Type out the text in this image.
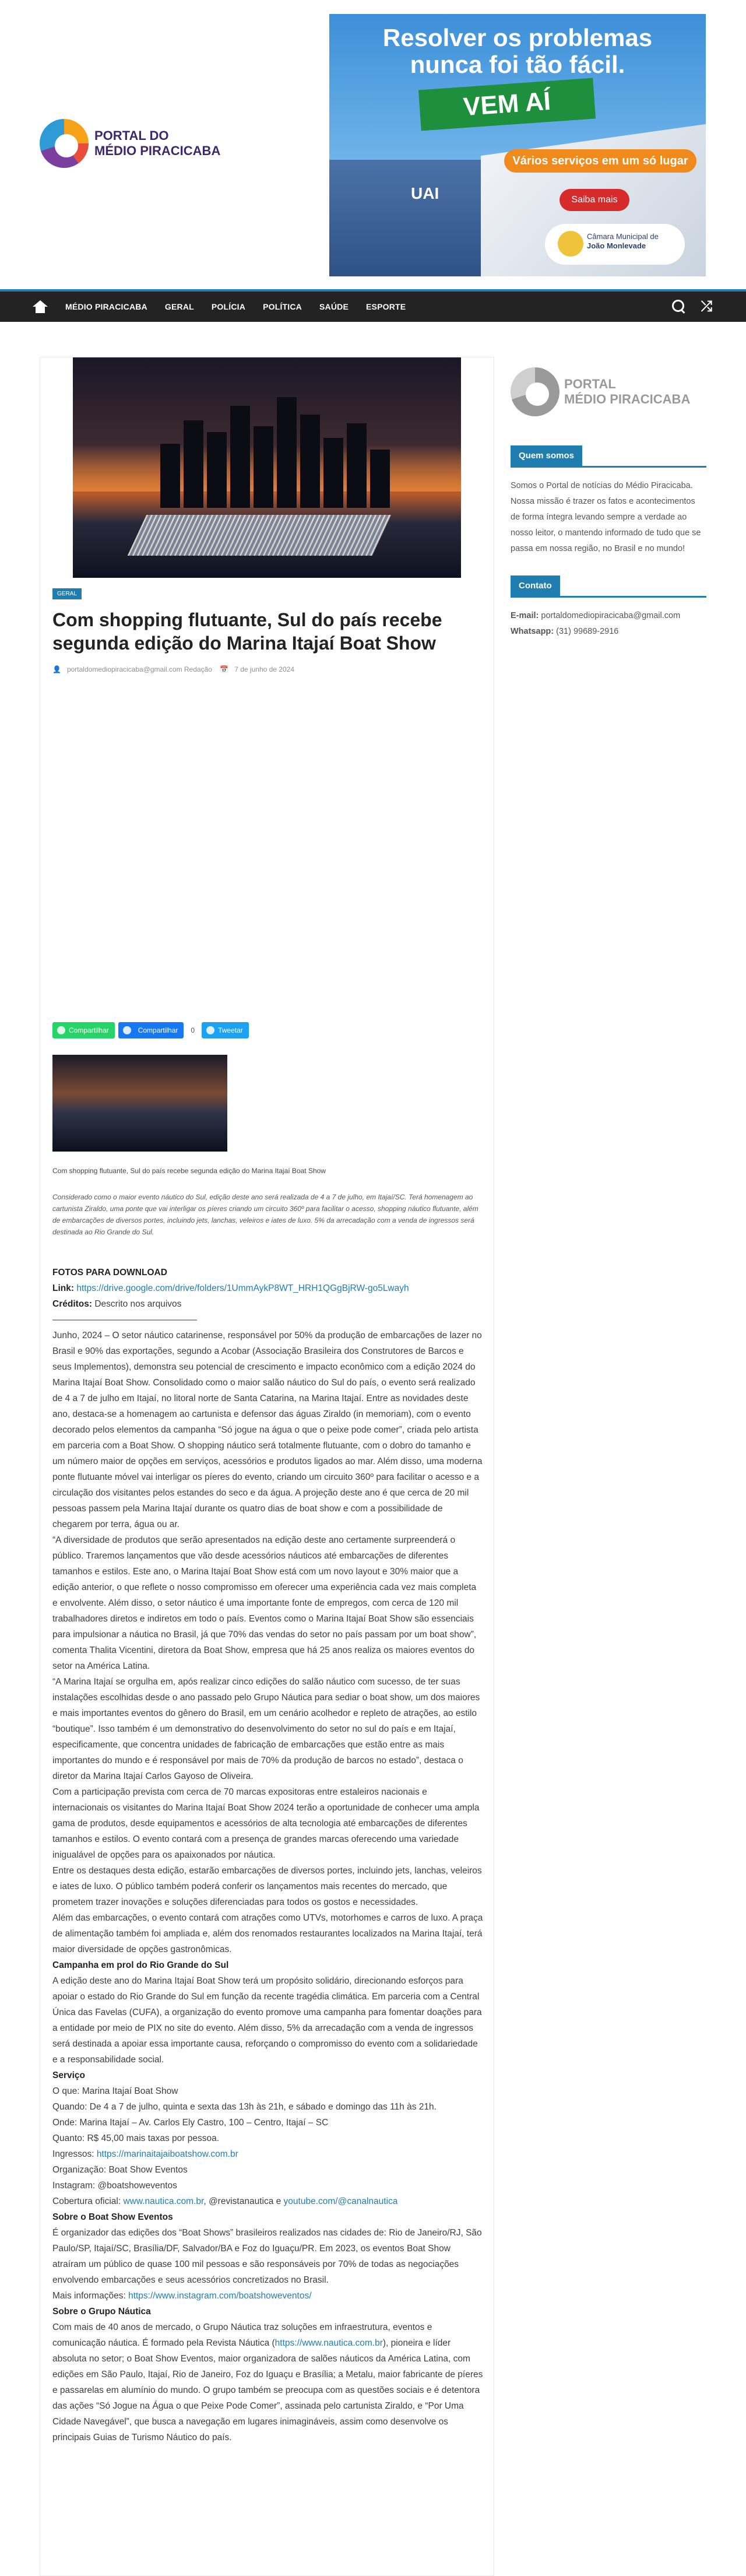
PORTAL DO
MÉDIO PIRACICABA
Resolver os problemas nunca foi tão fácil.
VEM AÍ
UAI
Vários serviços em um só lugar
Saiba mais
Câmara Municipal de
João Monlevade
MÉDIO PIRACICABA GERAL POLÍCIA POLÍTICA SAÚDE ESPORTE	⤮
GERAL
Com shopping flutuante, Sul do país recebe segunda edição do Marina Itajaí Boat Show
👤 portaldomediopiracicaba@gmail.com Redação 📅 7 de junho de 2024
Compartilhar	Compartilhar	0	Tweetar
Com shopping flutuante, Sul do país recebe segunda edição do Marina Itajaí Boat Show

Considerado como o maior evento náutico do Sul, edição deste ano será realizada de 4 a 7 de julho, em Itajaí/SC. Terá homenagem ao cartunista Ziraldo, uma ponte que vai interligar os píeres criando um circuito 360º para facilitar o acesso, shopping náutico flutuante, além de embarcações de diversos portes, incluindo jets, lanchas, veleiros e iates de luxo. 5% da arrecadação com a venda de ingressos será destinada ao Rio Grande do Sul.

FOTOS PARA DOWNLOAD

Link: https://drive.google.com/drive/folders/1UmmAykP8WT_HRH1QGgBjRW-go5Lwayh

Créditos: Descrito nos arquivos

————————————————

Junho, 2024 – O setor náutico catarinense, responsável por 50% da produção de embarcações de lazer no Brasil e 90% das exportações, segundo a Acobar (Associação Brasileira dos Construtores de Barcos e seus Implementos), demonstra seu potencial de crescimento e impacto econômico com a edição 2024 do Marina Itajaí Boat Show. Consolidado como o maior salão náutico do Sul do país, o evento será realizado de 4 a 7 de julho em Itajaí, no litoral norte de Santa Catarina, na Marina Itajaí. Entre as novidades deste ano, destaca-se a homenagem ao cartunista e defensor das águas Ziraldo (in memoriam), com o evento decorado pelos elementos da campanha “Só jogue na água o que o peixe pode comer”, criada pelo artista em parceria com a Boat Show. O shopping náutico será totalmente flutuante, com o dobro do tamanho e um número maior de opções em serviços, acessórios e produtos ligados ao mar. Além disso, uma moderna ponte flutuante móvel vai interligar os píeres do evento, criando um circuito 360º para facilitar o acesso e a circulação dos visitantes pelos estandes do seco e da água. A projeção deste ano é que cerca de 20 mil pessoas passem pela Marina Itajaí durante os quatro dias de boat show e com a possibilidade de chegarem por terra, água ou ar.

“A diversidade de produtos que serão apresentados na edição deste ano certamente surpreenderá o público. Traremos lançamentos que vão desde acessórios náuticos até embarcações de diferentes tamanhos e estilos. Este ano, o Marina Itajaí Boat Show está com um novo layout e 30% maior que a edição anterior, o que reflete o nosso compromisso em oferecer uma experiência cada vez mais completa e envolvente. Além disso, o setor náutico é uma importante fonte de empregos, com cerca de 120 mil trabalhadores diretos e indiretos em todo o país. Eventos como o Marina Itajaí Boat Show são essenciais para impulsionar a náutica no Brasil, já que 70% das vendas do setor no país passam por um boat show”, comenta Thalita Vicentini, diretora da Boat Show, empresa que há 25 anos realiza os maiores eventos do setor na América Latina.

“A Marina Itajaí se orgulha em, após realizar cinco edições do salão náutico com sucesso, de ter suas instalações escolhidas desde o ano passado pelo Grupo Náutica para sediar o boat show, um dos maiores e mais importantes eventos do gênero do Brasil, em um cenário acolhedor e repleto de atrações, ao estilo “boutique”. Isso também é um demonstrativo do desenvolvimento do setor no sul do país e em Itajaí, especificamente, que concentra unidades de fabricação de embarcações que estão entre as mais importantes do mundo e é responsável por mais de 70% da produção de barcos no estado”, destaca o diretor da Marina Itajaí Carlos Gayoso de Oliveira.

Com a participação prevista com cerca de 70 marcas expositoras entre estaleiros nacionais e internacionais os visitantes do Marina Itajaí Boat Show 2024 terão a oportunidade de conhecer uma ampla gama de produtos, desde equipamentos e acessórios de alta tecnologia até embarcações de diferentes tamanhos e estilos. O evento contará com a presença de grandes marcas oferecendo uma variedade inigualável de opções para os apaixonados por náutica.

Entre os destaques desta edição, estarão embarcações de diversos portes, incluindo jets, lanchas, veleiros e iates de luxo. O público também poderá conferir os lançamentos mais recentes do mercado, que prometem trazer inovações e soluções diferenciadas para todos os gostos e necessidades.

Além das embarcações, o evento contará com atrações como UTVs, motorhomes e carros de luxo. A praça de alimentação também foi ampliada e, além dos renomados restaurantes localizados na Marina Itajaí, terá maior diversidade de opções gastronômicas.

Campanha em prol do Rio Grande do Sul

A edição deste ano do Marina Itajaí Boat Show terá um propósito solidário, direcionando esforços para apoiar o estado do Rio Grande do Sul em função da recente tragédia climática. Em parceria com a Central Única das Favelas (CUFA), a organização do evento promove uma campanha para fomentar doações para a entidade por meio de PIX no site do evento. Além disso, 5% da arrecadação com a venda de ingressos será destinada a apoiar essa importante causa, reforçando o compromisso do evento com a solidariedade e a responsabilidade social.

Serviço

O que: Marina Itajaí Boat Show

Quando: De 4 a 7 de julho, quinta e sexta das 13h às 21h, e sábado e domingo das 11h às 21h.

Onde: Marina Itajaí – Av. Carlos Ely Castro, 100 – Centro, Itajaí – SC

Quanto: R$ 45,00 mais taxas por pessoa.

Ingressos: https://marinaitajaiboatshow.com.br

Organização: Boat Show Eventos

Instagram: @boatshoweventos

Cobertura oficial: www.nautica.com.br, @revistanautica e youtube.com/@canalnautica

Sobre o Boat Show Eventos

É organizador das edições dos “Boat Shows” brasileiros realizados nas cidades de: Rio de Janeiro/RJ, São Paulo/SP, Itajaí/SC, Brasília/DF, Salvador/BA e Foz do Iguaçu/PR. Em 2023, os eventos Boat Show atraíram um público de quase 100 mil pessoas e são responsáveis por 70% de todas as negociações envolvendo embarcações e seus acessórios concretizados no Brasil.

Mais informações: https://www.instagram.com/boatshoweventos/

Sobre o Grupo Náutica

Com mais de 40 anos de mercado, o Grupo Náutica traz soluções em infraestrutura, eventos e comunicação náutica. É formado pela Revista Náutica (https://www.nautica.com.br), pioneira e líder absoluta no setor; o Boat Show Eventos, maior organizadora de salões náuticos da América Latina, com edições em São Paulo, Itajaí, Rio de Janeiro, Foz do Iguaçu e Brasília; a Metalu, maior fabricante de píeres e passarelas em alumínio do mundo. O grupo também se preocupa com as questões sociais e é detentora das ações “Só Jogue na Água o que Peixe Pode Comer”, assinada pelo cartunista Ziraldo, e “Por Uma Cidade Navegável”, que busca a navegação em lugares inimagináveis, assim como desenvolve os principais Guias de Turismo Náutico do país.

PORTAL
MÉDIO PIRACICABA
Quem somos

Somos o Portal de notícias do Médio Piracicaba. Nossa missão é trazer os fatos e acontecimentos de forma íntegra levando sempre a verdade ao nosso leitor, o mantendo informado de tudo que se passa em nossa região, no Brasil e no mundo!

Contato

E-mail: portaldomediopiracicaba@gmail.com

Whatsapp: (31) 99689-2916
